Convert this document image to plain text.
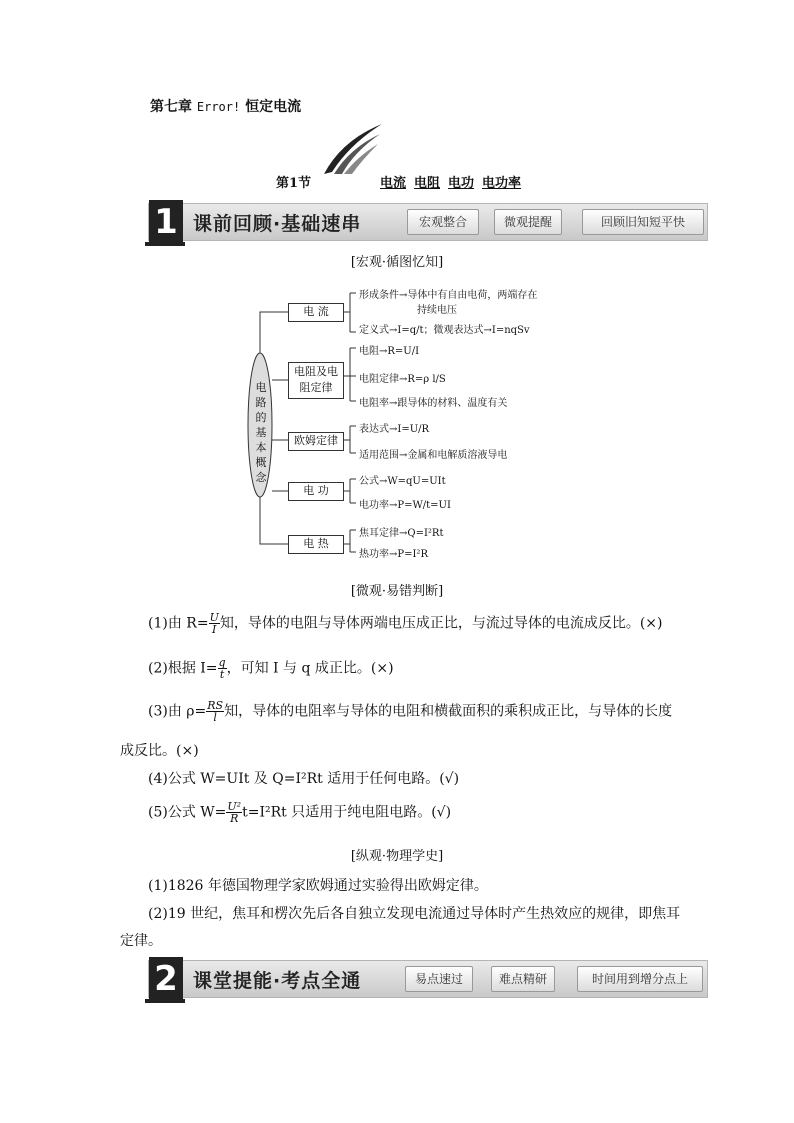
第七章 Error! 恒定电流
第1节	电流 电阻 电功 电功率
1 课前回顾·基础速串	宏观整合	微观提醒	回顾旧知短平快
[宏观·循图忆知]
电路的基本概念
电 流
电阻及电阻定律
欧姆定律
电 功
电 热
形成条件→导体中有自由电荷，两端存在
持续电压
定义式→I=q/t；微观表达式→I=nqSv
电阻→R=U/I
电阻定律→R=ρ l/S
电阻率→跟导体的材料、温度有关
表达式→I=U/R
适用范围→金属和电解质溶液导电
公式→W=qU=UIt
电功率→P=W/t=UI
焦耳定律→Q=I²Rt
热功率→P=I²R
[微观·易错判断]
(1)由 $R= \frac{U}{I}$ 知，导体的电阻与导体两端电压成正比，与流过导体的电流成反比。(×)
(2)根据 $I= \frac{q}{t}$ ，可知 I 与 q 成正比。(×)
(3)由 $\rho= \frac{RS}{l}$ 知，导体的电阻率与导体的电阻和横截面积的乘积成正比，与导体的长度
成反比。(×)
(4)公式 W=UIt 及 Q=I²Rt 适用于任何电路。(√)
(5)公式 $W= \frac{\text{U²}}{R} t=I^2Rt$ 只适用于纯电阻电路。(√)
[纵观·物理学史]
(1)1826 年德国物理学家欧姆通过实验得出欧姆定律。
(2)19 世纪，焦耳和楞次先后各自独立发现电流通过导体时产生热效应的规律，即焦耳
定律。
2 课堂提能·考点全通	易点速过	难点精研	时间用到增分点上
